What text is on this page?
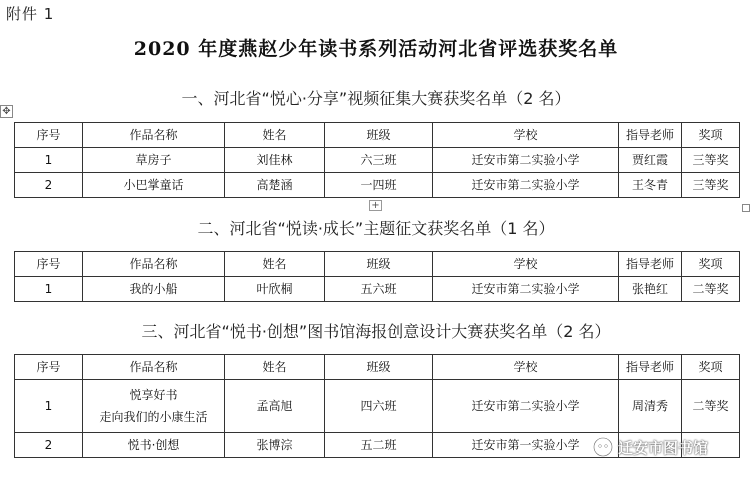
附件 1
2020 年度燕赵少年读书系列活动河北省评选获奖名单
✥
+
一、河北省“悦心·分享”视频征集大赛获奖名单（2 名）
序号	作品名称	姓名	班级	学校	指导老师	奖项
1	草房子	刘佳林	六三班	迁安市第二实验小学	贾红霞	三等奖
2	小巴掌童话	高楚涵	一四班	迁安市第二实验小学	王冬青	三等奖
二、河北省“悦读·成长”主题征文获奖名单（1 名）
序号	作品名称	姓名	班级	学校	指导老师	奖项
1	我的小船	叶欣桐	五六班	迁安市第二实验小学	张艳红	二等奖
三、河北省“悦书·创想”图书馆海报创意设计大赛获奖名单（2 名）
序号	作品名称	姓名	班级	学校	指导老师	奖项
1	悦享好书
走向我们的小康生活	孟高旭	四六班	迁安市第二实验小学	周清秀	二等奖
2	悦书·创想	张博淙	五二班	迁安市第一实验小学			迁安市图书馆
